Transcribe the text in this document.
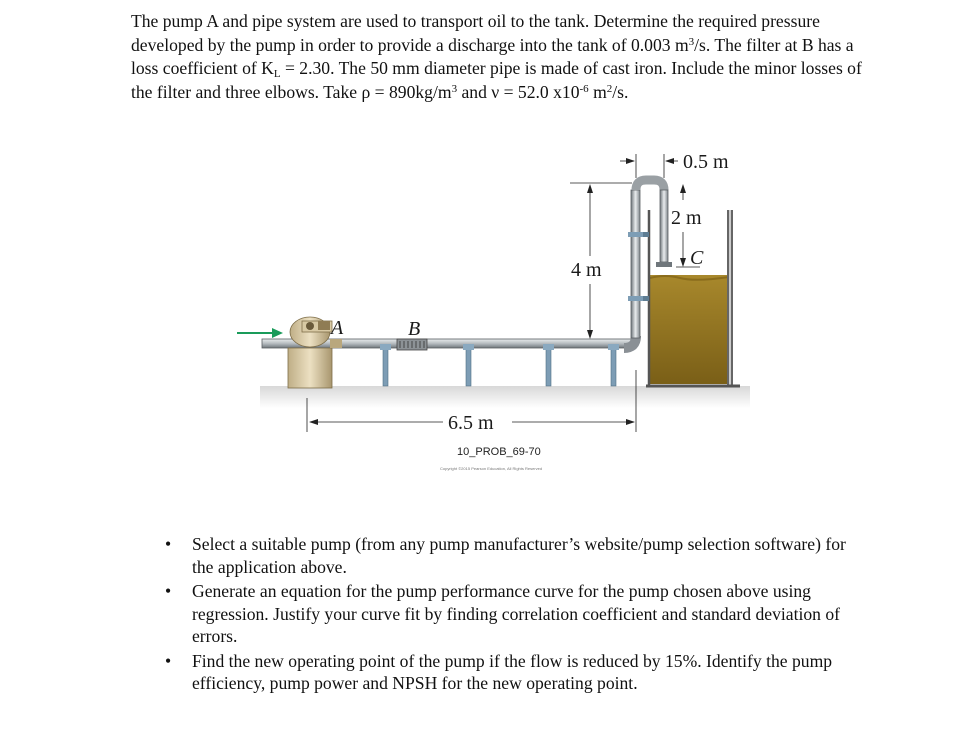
The pump A and pipe system are used to transport oil to the tank. Determine the required pressure developed by the pump in order to provide a discharge into the tank of 0.003 $m^3/s$. The filter at B has a loss coefficient of $K_L = 2.30$. The 50 mm diameter pipe is made of cast iron. Include the minor losses of the filter and three elbows. Take $\rho = 890kg/m^3$ and ν = 52.0 $x10^{-6}$ $m^2/s$.

A	B
C
6.5 m
4 m
2 m
0.5 m
10_PROB_69-70
Copyright ©2015 Pearson Education, All Rights Reserved
• Select a suitable pump (from any pump manufacturer’s website/pump selection software) for the application above.
• Generate an equation for the pump performance curve for the pump chosen above using regression. Justify your curve fit by finding correlation coefficient and standard deviation of errors.
• Find the new operating point of the pump if the flow is reduced by 15%. Identify the pump efficiency, pump power and NPSH for the new operating point.
